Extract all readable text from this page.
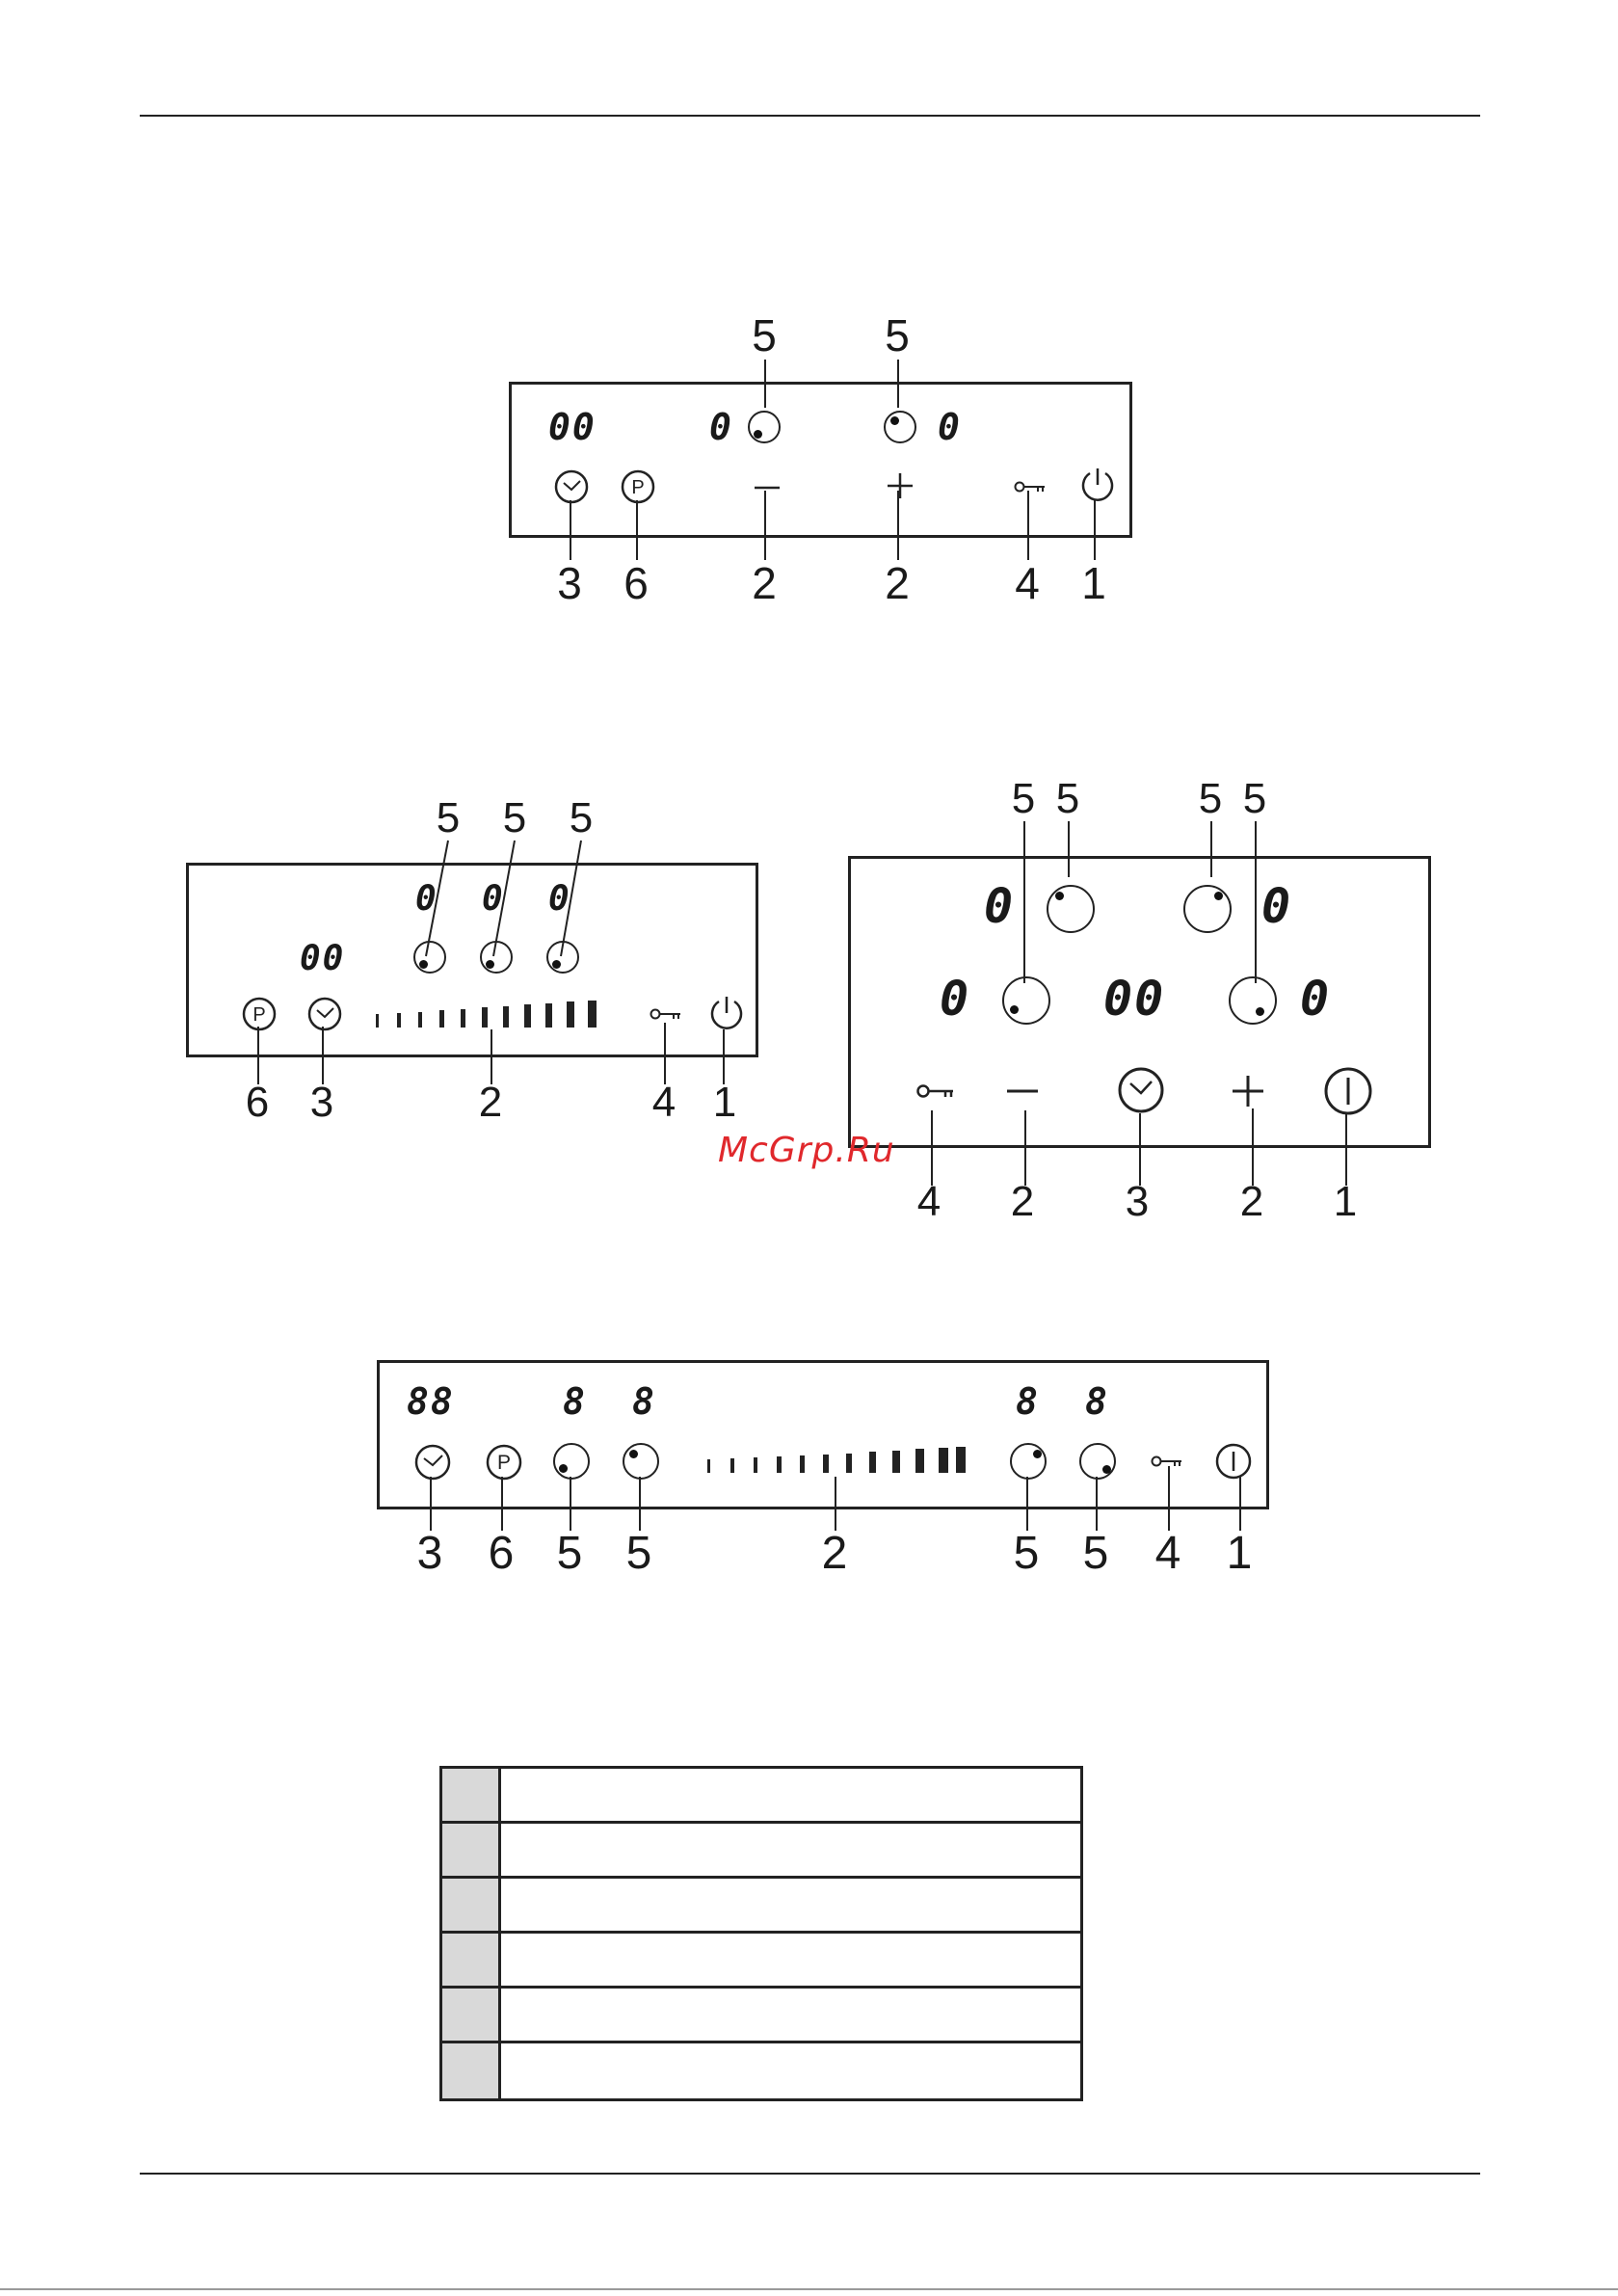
5 5
00	0	0
P
3 6 2 2 4 1
5 5 5
0 0 0
00
P
6 3	2	4 1
5 5	5 5
0	0
0	00	0
4 2 3 2 1
McGrp.Ru
88	8 8	8 8
P
3 6 5 5	2	5 5 4 1
